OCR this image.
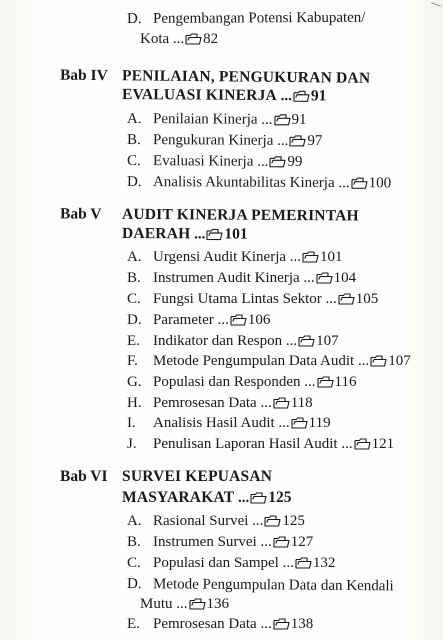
D. Pengembangan Potensi Kabupaten/
Kota ... 82
Bab IV PENILAIAN, PENGUKURAN DAN
EVALUASI KINERJA ... 91
A. Penilaian Kinerja ... 91
B. Pengukuran Kinerja ... 97
C. Evaluasi Kinerja ... 99
D. Analisis Akuntabilitas Kinerja ... 100
Bab V AUDIT KINERJA PEMERINTAH
DAERAH ... 101
A. Urgensi Audit Kinerja ... 101
B. Instrumen Audit Kinerja ... 104
C. Fungsi Utama Lintas Sektor ... 105
D. Parameter ... 106
E. Indikator dan Respon ... 107
F. Metode Pengumpulan Data Audit ... 107
G. Populasi dan Responden ... 116
H. Pemrosesan Data ... 118
I. Analisis Hasil Audit ... 119
J. Penulisan Laporan Hasil Audit ... 121
Bab VI SURVEI KEPUASAN
MASYARAKAT ... 125
A. Rasional Survei ... 125
B. Instrumen Survei ... 127
C. Populasi dan Sampel ... 132
D. Metode Pengumpulan Data dan Kendali
Mutu ... 136
E. Pemrosesan Data ... 138
